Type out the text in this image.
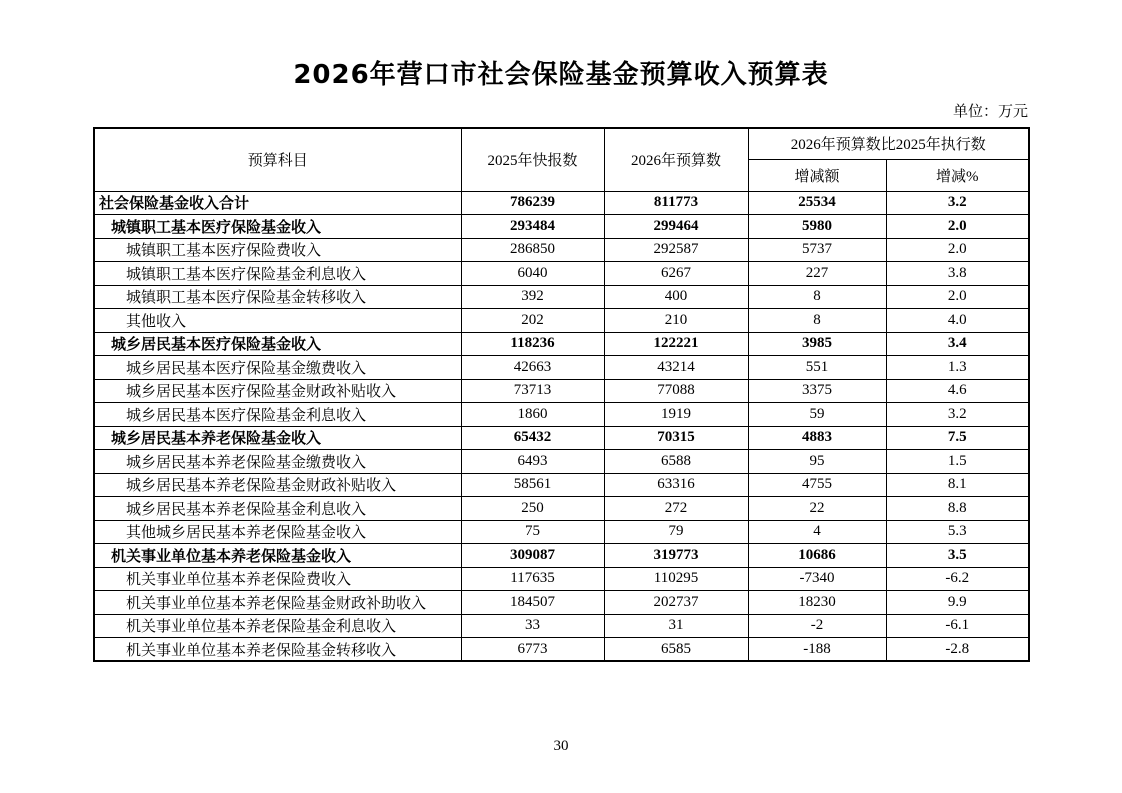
2026年营口市社会保险基金预算收入预算表
单位：万元
预算科目	2025年快报数	2026年预算数	2026年预算数比2025年执行数	
			增减额	增减%
社会保险基金收入合计	786239	811773	25534	3.2
城镇职工基本医疗保险基金收入	293484	299464	5980	2.0
城镇职工基本医疗保险费收入	286850	292587	5737	2.0
城镇职工基本医疗保险基金利息收入	6040	6267	227	3.8
城镇职工基本医疗保险基金转移收入	392	400	8	2.0
其他收入	202	210	8	4.0
城乡居民基本医疗保险基金收入	118236	122221	3985	3.4
城乡居民基本医疗保险基金缴费收入	42663	43214	551	1.3
城乡居民基本医疗保险基金财政补贴收入	73713	77088	3375	4.6
城乡居民基本医疗保险基金利息收入	1860	1919	59	3.2
城乡居民基本养老保险基金收入	65432	70315	4883	7.5
城乡居民基本养老保险基金缴费收入	6493	6588	95	1.5
城乡居民基本养老保险基金财政补贴收入	58561	63316	4755	8.1
城乡居民基本养老保险基金利息收入	250	272	22	8.8
其他城乡居民基本养老保险基金收入	75	79	4	5.3
机关事业单位基本养老保险基金收入	309087	319773	10686	3.5
机关事业单位基本养老保险费收入	117635	110295	-7340	-6.2
机关事业单位基本养老保险基金财政补助收入	184507	202737	18230	9.9
机关事业单位基本养老保险基金利息收入	33	31	-2	-6.1
机关事业单位基本养老保险基金转移收入	6773	6585	-188	-2.8
30
